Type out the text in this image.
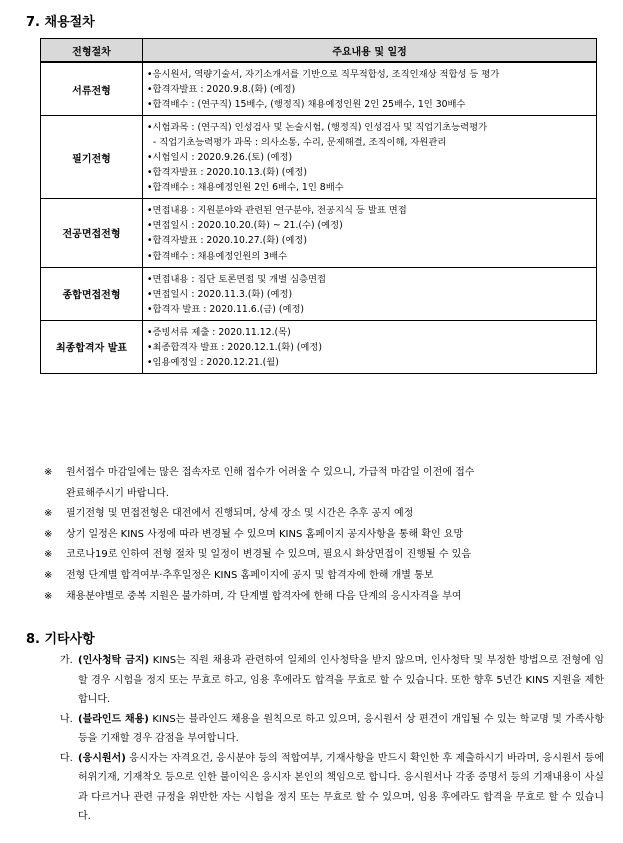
7. 채용절차
전형절차	주요내용 및 일정
서류전형	•응시원서, 역량기술서, 자기소개서를 기반으로 직무적합성, 조직인재상 적합성 등 평가
•합격자발표 : 2020.9.8.(화) (예정)
•합격배수 : (연구직) 15배수, (행정직) 채용예정인원 2인 25배수, 1인 30배수

필기전형	•시험과목 : (연구직) 인성검사 및 논술시험, (행정직) 인성검사 및 직업기초능력평가
- 직업기초능력평가 과목 : 의사소통, 수리, 문제해결, 조직이해, 자원관리
•시험일시 : 2020.9.26.(토) (예정)
•합격자발표 : 2020.10.13.(화) (예정)
•합격배수 : 채용예정인원 2인 6배수, 1인 8배수

전공면접전형	•면접내용 : 지원분야와 관련된 연구분야, 전공지식 등 발표 면접
•면접일시 : 2020.10.20.(화) ~ 21.(수) (예정)
•합격자발표 : 2020.10.27.(화) (예정)
•합격배수 : 채용예정인원의 3배수

종합면접전형	•면접내용 : 집단 토론면접 및 개별 심층면접
•면접일시 : 2020.11.3.(화) (예정)
•합격자 발표 : 2020.11.6.(금) (예정)

최종합격자 발표	•증빙서류 제출 : 2020.11.12.(목)
•최종합격자 발표 : 2020.12.1.(화) (예정)
•임용예정일 : 2020.12.21.(월)
※ 원서접수 마감일에는 많은 접속자로 인해 접수가 어려울 수 있으니, 가급적 마감일 이전에 접수
완료해주시기 바랍니다.
※ 필기전형 및 면접전형은 대전에서 진행되며, 상세 장소 및 시간은 추후 공지 예정
※ 상기 일정은 KINS 사정에 따라 변경될 수 있으며 KINS 홈페이지 공지사항을 통해 확인 요망
※ 코로나19로 인하여 전형 절차 및 일정이 변경될 수 있으며, 필요시 화상면접이 진행될 수 있음
※ 전형 단계별 합격여부·추후일정은 KINS 홈페이지에 공지 및 합격자에 한해 개별 통보
※ 채용분야별로 중복 지원은 불가하며, 각 단계별 합격자에 한해 다음 단계의 응시자격을 부여
8. 기타사항
가. (인사청탁 금지) KINS는 직원 채용과 관련하여 일체의 인사청탁을 받지 않으며, 인사청탁 및 부정한 방법으로 전형에 임할 경우 시험을 정지 또는 무효로 하고, 임용 후에라도 합격을 무효로 할 수 있습니다. 또한 향후 5년간 KINS 지원을 제한합니다.
나. (블라인드 채용) KINS는 블라인드 채용을 원칙으로 하고 있으며, 응시원서 상 편견이 개입될 수 있는 학교명 및 가족사항 등을 기재할 경우 감점을 부여합니다.
다. (응시원서) 응시자는 자격요건, 응시분야 등의 적합여부, 기재사항을 반드시 확인한 후 제출하시기 바라며, 응시원서 등에 허위기재, 기재착오 등으로 인한 불이익은 응시자 본인의 책임으로 합니다. 응시원서나 각종 증명서 등의 기재내용이 사실과 다르거나 관련 규정을 위반한 자는 시험을 정지 또는 무효로 할 수 있으며, 임용 후에라도 합격을 무효로 할 수 있습니다.
